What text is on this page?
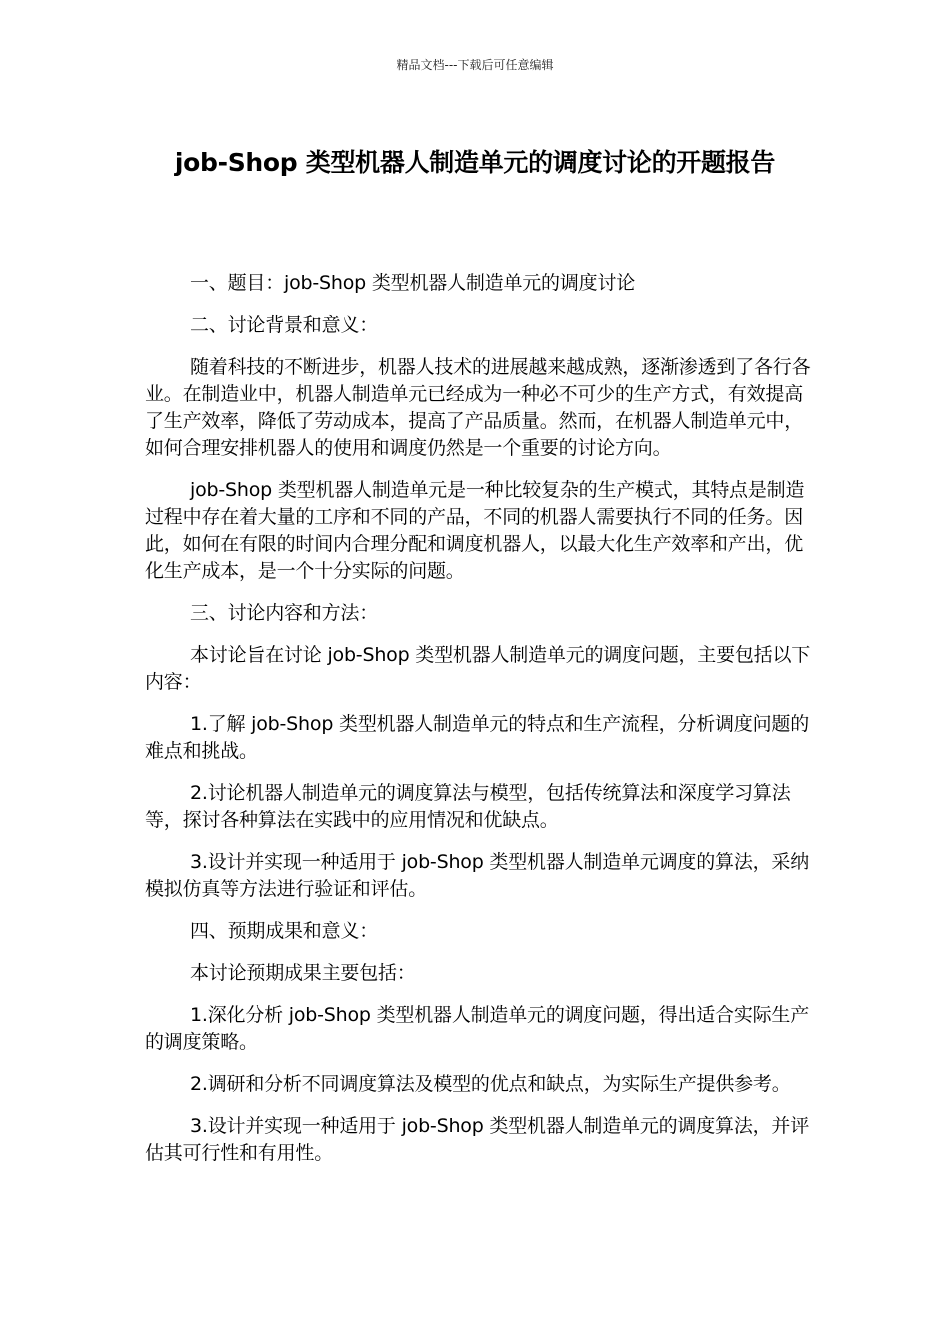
精品文档---下载后可任意编辑
job-Shop 类型机器人制造单元的调度讨论的开题报告

一、题目：job-Shop 类型机器人制造单元的调度讨论

二、讨论背景和意义：

随着科技的不断进步，机器人技术的进展越来越成熟，逐渐渗透到了各行各业。在制造业中，机器人制造单元已经成为一种必不可少的生产方式，有效提高了生产效率，降低了劳动成本，提高了产品质量。然而，在机器人制造单元中，如何合理安排机器人的使用和调度仍然是一个重要的讨论方向。

job-Shop 类型机器人制造单元是一种比较复杂的生产模式，其特点是制造过程中存在着大量的工序和不同的产品，不同的机器人需要执行不同的任务。因此，如何在有限的时间内合理分配和调度机器人，以最大化生产效率和产出，优化生产成本，是一个十分实际的问题。

三、讨论内容和方法：

本讨论旨在讨论 job-Shop 类型机器人制造单元的调度问题，主要包括以下内容：

1.了解 job-Shop 类型机器人制造单元的特点和生产流程，分析调度问题的难点和挑战。

2.讨论机器人制造单元的调度算法与模型，包括传统算法和深度学习算法等，探讨各种算法在实践中的应用情况和优缺点。

3.设计并实现一种适用于 job-Shop 类型机器人制造单元调度的算法，采纳模拟仿真等方法进行验证和评估。

四、预期成果和意义：

本讨论预期成果主要包括：

1.深化分析 job-Shop 类型机器人制造单元的调度问题，得出适合实际生产的调度策略。

2.调研和分析不同调度算法及模型的优点和缺点，为实际生产提供参考。

3.设计并实现一种适用于 job-Shop 类型机器人制造单元的调度算法，并评估其可行性和有用性。
